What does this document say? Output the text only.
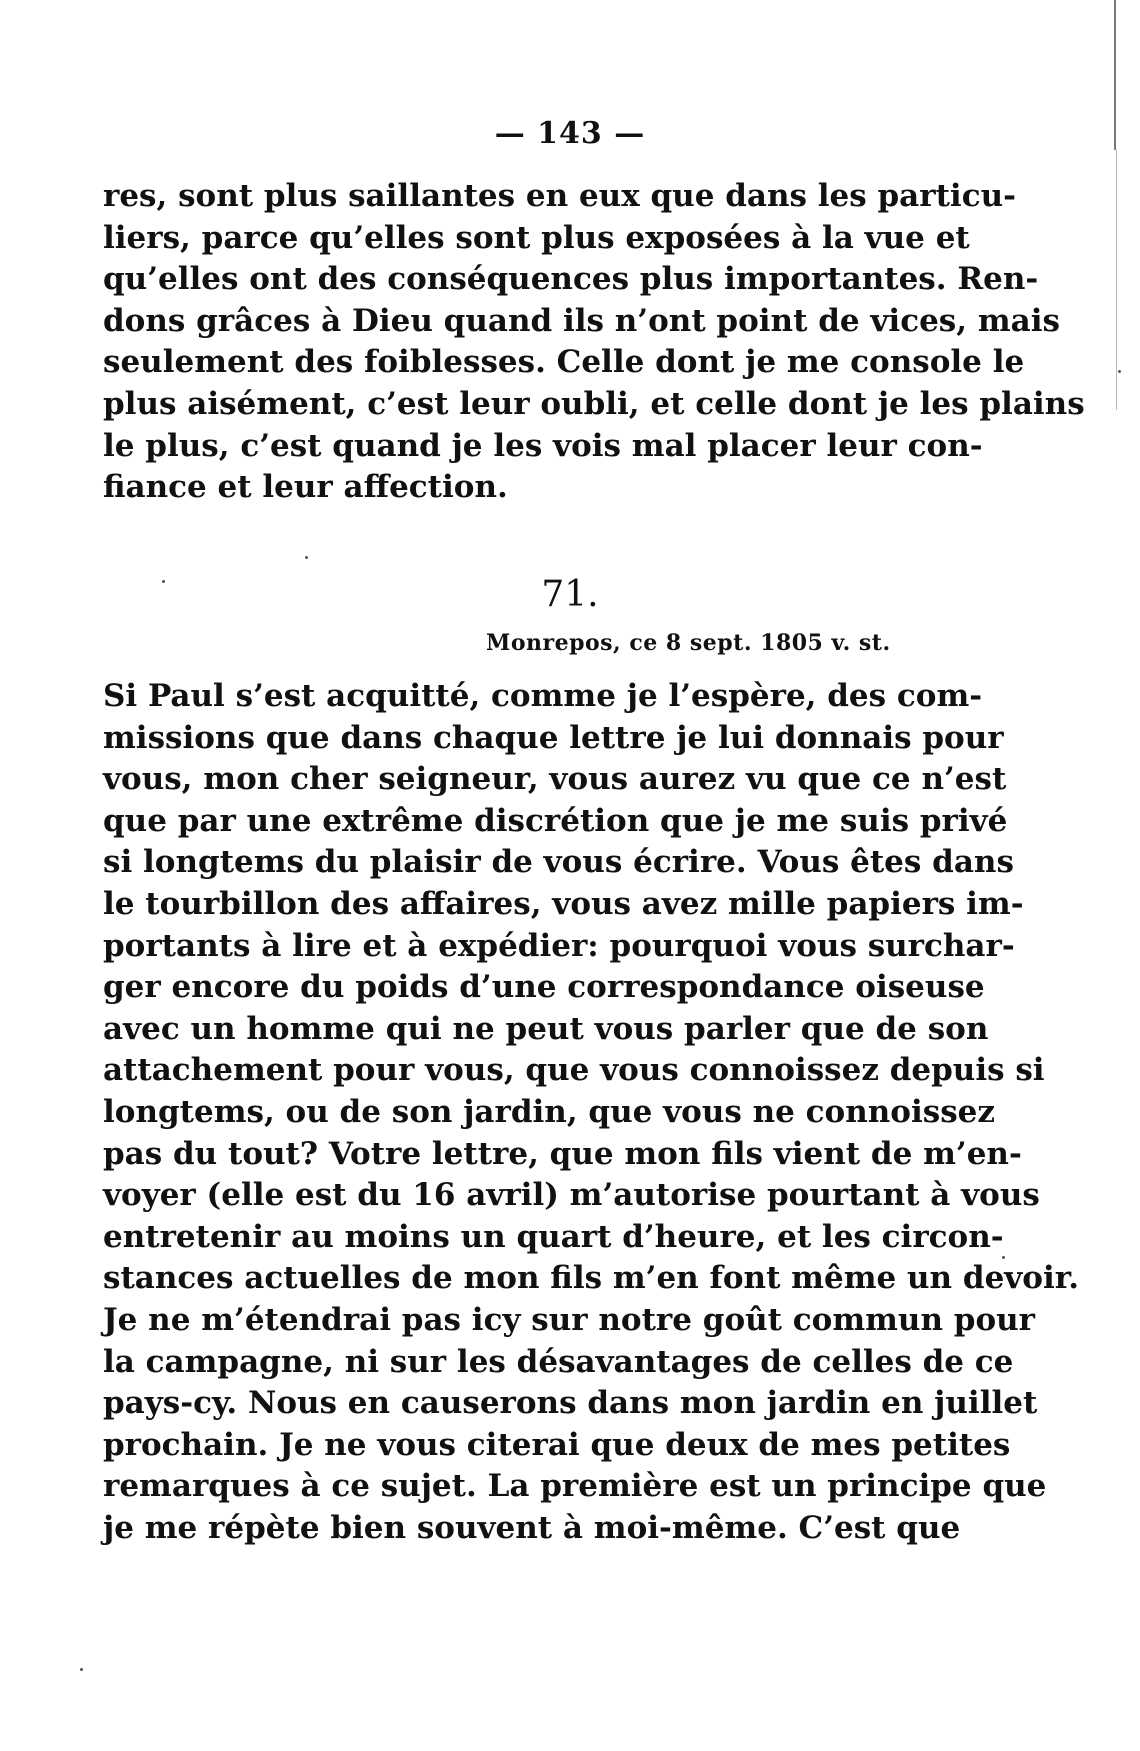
— 143 —
res, sont plus saillantes en eux que dans les particu-
liers, parce qu’elles sont plus exposées à la vue et
qu’elles ont des conséquences plus importantes. Ren-
dons grâces à Dieu quand ils n’ont point de vices, mais
seulement des foiblesses. Celle dont je me console le
plus aisément, c’est leur oubli, et celle dont je les plains
le plus, c’est quand je les vois mal placer leur con-
fiance et leur affection.
71.
Monrepos, ce 8 sept. 1805 v. st.
Si Paul s’est acquitté, comme je l’espère, des com-
missions que dans chaque lettre je lui donnais pour
vous, mon cher seigneur, vous aurez vu que ce n’est
que par une extrême discrétion que je me suis privé
si longtems du plaisir de vous écrire. Vous êtes dans
le tourbillon des affaires, vous avez mille papiers im-
portants à lire et à expédier: pourquoi vous surchar-
ger encore du poids d’une correspondance oiseuse
avec un homme qui ne peut vous parler que de son
attachement pour vous, que vous connoissez depuis si
longtems, ou de son jardin, que vous ne connoissez
pas du tout? Votre lettre, que mon fils vient de m’en-
voyer (elle est du 16 avril) m’autorise pourtant à vous
entretenir au moins un quart d’heure, et les circon-
stances actuelles de mon fils m’en font même un devoir.
Je ne m’étendrai pas icy sur notre goût commun pour
la campagne, ni sur les désavantages de celles de ce
pays-cy. Nous en causerons dans mon jardin en juillet
prochain. Je ne vous citerai que deux de mes petites
remarques à ce sujet. La première est un principe que
je me répète bien souvent à moi-même. C’est que
